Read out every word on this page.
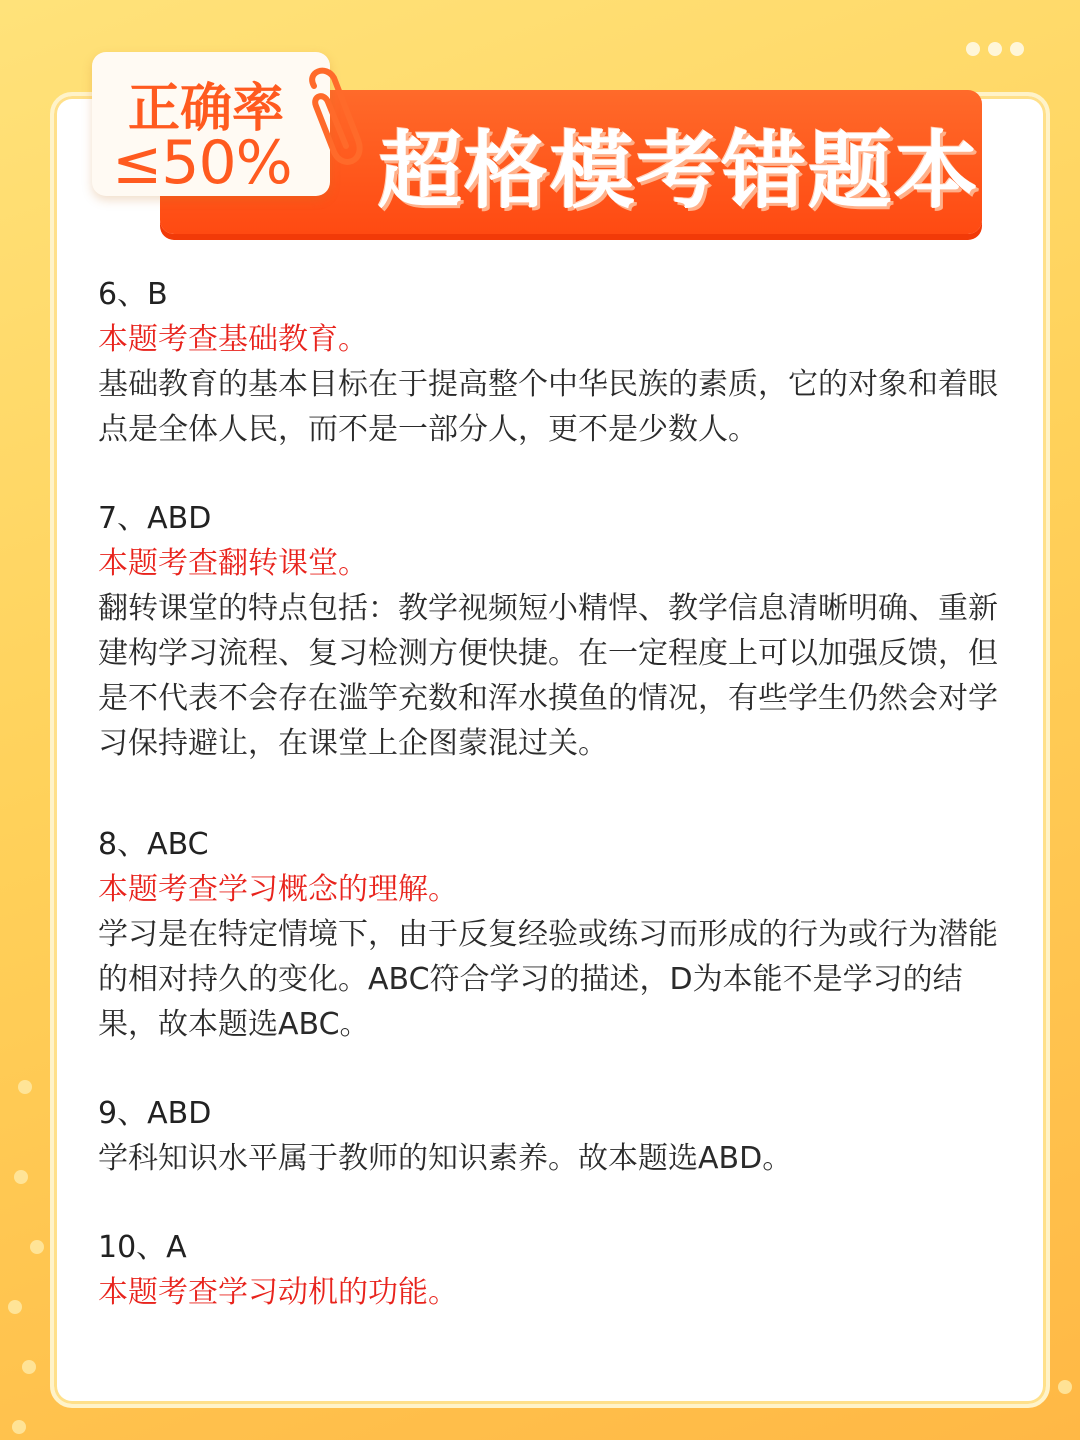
超格模考错题本
正确率
≤50%
6、B
本题考查基础教育。
基础教育的基本目标在于提高整个中华民族的素质，它的对象和着眼点是全体人民，而不是一部分人，更不是少数人。
7、ABD
本题考查翻转课堂。
翻转课堂的特点包括：教学视频短小精悍、教学信息清晰明确、重新建构学习流程、复习检测方便快捷。在一定程度上可以加强反馈，但是不代表不会存在滥竽充数和浑水摸鱼的情况，有些学生仍然会对学习保持避让，在课堂上企图蒙混过关。
8、ABC
本题考查学习概念的理解。
学习是在特定情境下，由于反复经验或练习而形成的行为或行为潜能的相对持久的变化。ABC符合学习的描述，D为本能不是学习的结果，故本题选ABC。
9、ABD
学科知识水平属于教师的知识素养。故本题选ABD。
10、A
本题考查学习动机的功能。
